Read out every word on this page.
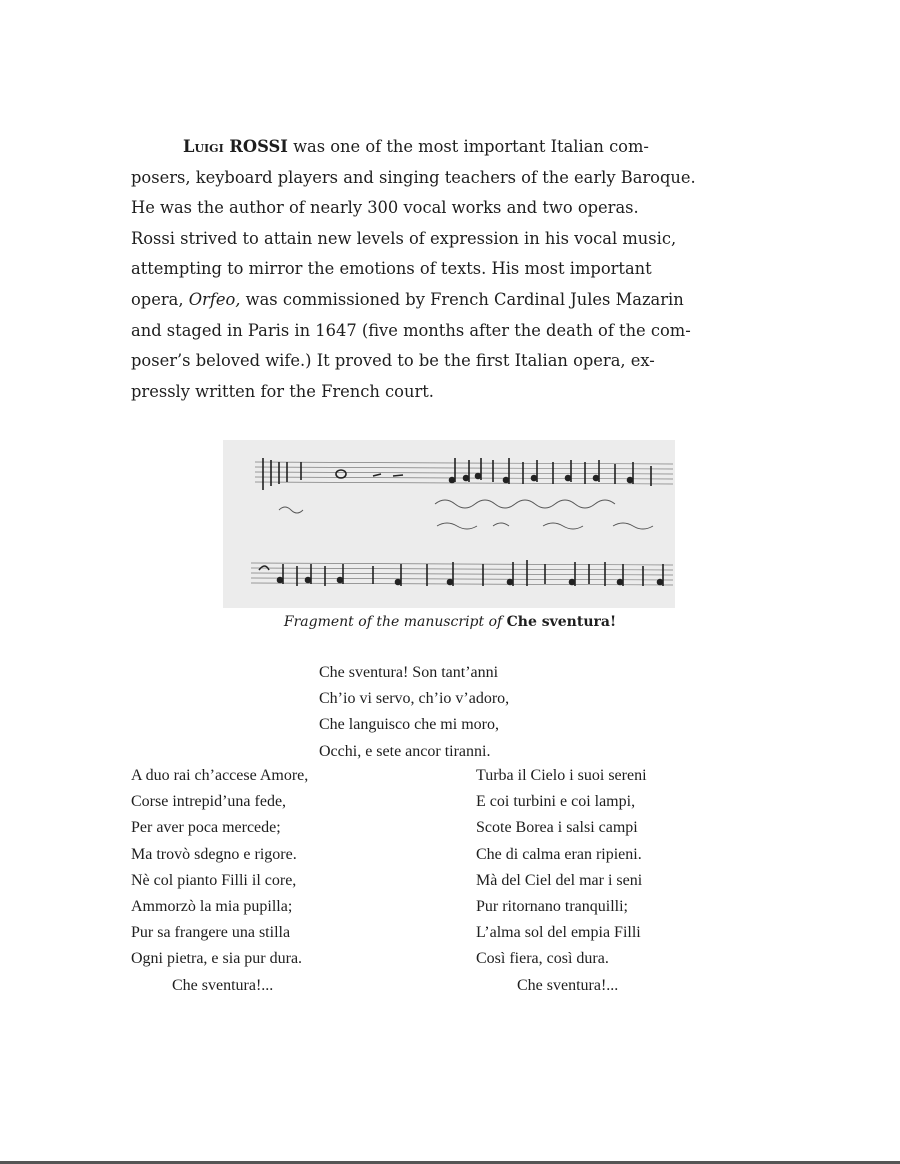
Luigi ROSSI was one of the most important Italian com-
posers, keyboard players and singing teachers of the early Baroque.
He was the author of nearly 300 vocal works and two operas.
Rossi strived to attain new levels of expression in his vocal music,
attempting to mirror the emotions of texts. His most important
opera, Orfeo, was commissioned by French Cardinal Jules Mazarin
and staged in Paris in 1647 (five months after the death of the com-
poser’s beloved wife.) It proved to be the first Italian opera, ex-
pressly written for the French court.
Fragment of the manuscript of Che sventura!
Che sventura! Son tant’anni
Ch’io vi servo, ch’io v’adoro,
Che languisco che mi moro,
Occhi, e sete ancor tiranni.
A duo rai ch’accese Amore,
Corse intrepid’una fede,
Per aver poca mercede;
Ma trovò sdegno e rigore.
Nè col pianto Filli il core,
Ammorzò la mia pupilla;
Pur sa frangere una stilla
Ogni pietra, e sia pur dura.
Che sventura!...
Turba il Cielo i suoi sereni
E coi turbini e coi lampi,
Scote Borea i salsi campi
Che di calma eran ripieni.
Mà del Ciel del mar i seni
Pur ritornano tranquilli;
L’alma sol del empia Filli
Così fiera, così dura.
Che sventura!...
